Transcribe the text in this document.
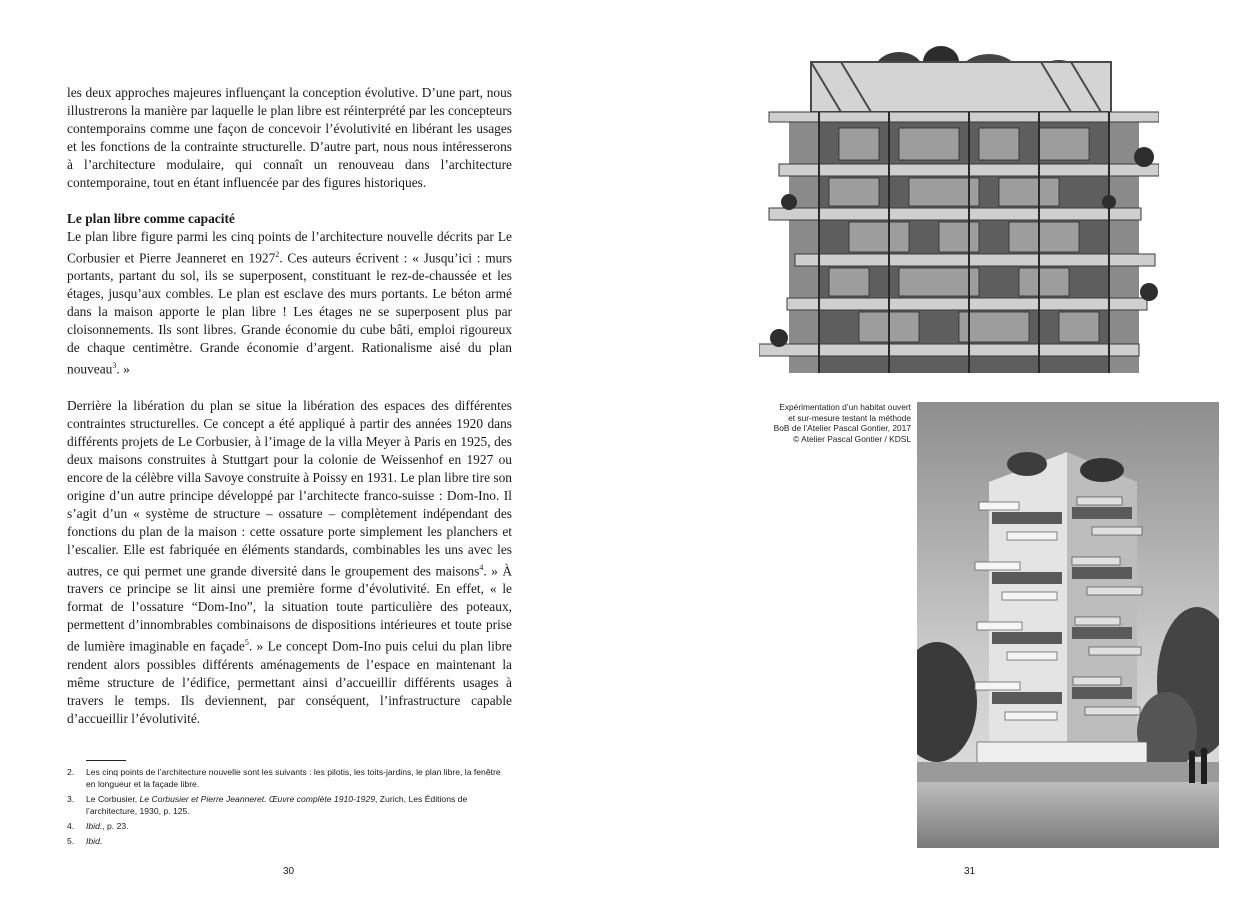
les deux approches majeures influençant la conception évolutive. D’une part, nous illustrerons la manière par laquelle le plan libre est réinterprété par les concepteurs contemporains comme une façon de concevoir l’évolutivité en libérant les usages et les fonctions de la contrainte structurelle. D’autre part, nous nous intéresserons à l’architecture modulaire, qui connaît un renouveau dans l’architecture contemporaine, tout en étant influencée par des figures historiques.

Le plan libre comme capacité

Le plan libre figure parmi les cinq points de l’architecture nouvelle décrits par Le Corbusier et Pierre Jeanneret en 1927$^2$. Ces auteurs écrivent : « Jusqu’ici : murs portants, partant du sol, ils se superposent, constituant le rez-de-chaussée et les étages, jusqu’aux combles. Le plan est esclave des murs portants. Le béton armé dans la maison apporte le plan libre ! Les étages ne se superposent plus par cloisonnements. Ils sont libres. Grande économie du cube bâti, emploi rigoureux de chaque centimètre. Grande économie d’argent. Rationalisme aisé du plan nouveau$^3$. »

Derrière la libération du plan se situe la libération des espaces des différentes contraintes structurelles. Ce concept a été appliqué à partir des années 1920 dans différents projets de Le Corbusier, à l’image de la villa Meyer à Paris en 1925, des deux maisons construites à Stuttgart pour la colonie de Weissenhof en 1927 ou encore de la célèbre villa Savoye construite à Poissy en 1931. Le plan libre tire son origine d’un autre principe développé par l’architecte franco-suisse : Dom-Ino. Il s’agit d’un « système de structure – ossature – complètement indépendant des fonctions du plan de la maison : cette ossature porte simplement les planchers et l’escalier. Elle est fabriquée en éléments standards, combinables les uns avec les autres, ce qui permet une grande diversité dans le groupement des maisons$^4$. » À travers ce principe se lit ainsi une première forme d’évolutivité. En effet, « le format de l’ossature “Dom-Ino”, la situation toute particulière des poteaux, permettent d’innombrables combinaisons de dispositions intérieures et toute prise de lumière imaginable en façade$^5$. » Le concept Dom-Ino puis celui du plan libre rendent alors possibles différents aménagements de l’espace en maintenant la même structure de l’édifice, permettant ainsi d’accueillir différents usages à travers le temps. Ils deviennent, par conséquent, l’infrastructure capable d’accueillir l’évolutivité.

2.	Les cinq points de l’architecture nouvelle sont les suivants : les pilotis, les toits-jardins, le plan libre, la fenêtre en longueur et la façade libre.
3.	Le Corbusier, Le Corbusier et Pierre Jeanneret. Œuvre complète 1910-1929, Zurich, Les Éditions de l’architecture, 1930, p. 125.
4.	Ibid., p. 23.
5.	Ibid.
30
Expérimentation d’un habitat ouvert
et sur-mesure testant la méthode
BoB de l’Atelier Pascal Gontier, 2017
© Atelier Pascal Gontier / KDSL
31
